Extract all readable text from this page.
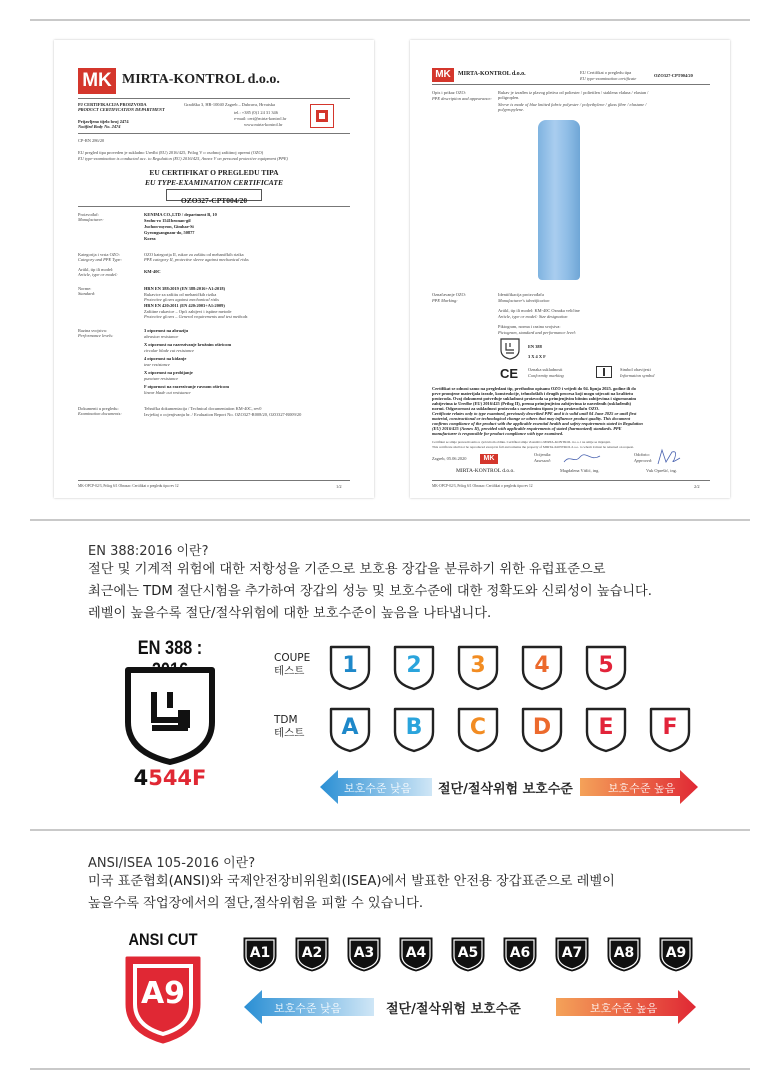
MK MIRTA-KONTROL d.o.o.
PJ CERTIFIKACIJA PROIZVODA
PRODUCT CERTIFICATION DEPARTMENT
Prijavljeno tijelo broj 2474
Notified Body No. 2474
Gradiška 3, HR-10040 Zagreb – Dubrava, Hrvatska
tel.: +385 (0)1 24 31 346
e-mail: cert@mirta-kontrol.hr
www.mirta-kontrol.hr
CP-RN 286/20
EU pregled tipa proveden je sukladno Uredbi (EU) 2016/425, Prilog V o osobnoj zaštitnoj opremi (OZO)
EU type-examination is conducted acc. to Regulation (EU) 2016/425, Annex V on personal protective equipment (PPE)
EU CERTIFIKAT O PREGLEDU TIPA
EU TYPE-EXAMINATION CERTIFICATE
OZO327-CPT004/20
Proizvođač:
Manufacturer:
KENIMA CO.,LTD / department B, 10
Seohu-ro 1541beonan-gil
Juchon-myeon, Gimhae-Si
Gyeongsangnam-do, 50877
Korea
Kategorija i vrsta OZO:
Category and PPE Type:
OZO kategorija II, rukav za zaštitu od mehaničkih rizika
PPE category II, protective sleeve against mechanical risks
Artikl, tip ili model:
Article, type or model:
KM-40C
Norme:
Standard:
HRN EN 388:2019 (EN 388:2016+A1:2018)
Rukavice za zaštitu od mehaničkih rizika
Protective gloves against mechanical risks
HRN EN 420:2011 (EN 420:2003+A1:2009)
Zaštitne rukavice – Opći zahtjevi i ispitne metode
Protective gloves – General requirements and test methods
Razina svojstva:
Performance levels:
3 otpornost na abraziju
abrasion resistance
X otpornost na razrezivanje kružnim oštricom
circular blade cut resistance
4 otpornost na kidanje
tear resistance
X otpornost na probijanje
puncture resistance
F otpornost na razrezivanje ravnom oštricom
linear blade cut resistance
Dokumenti u pregledu:
Examination documents:
Tehnička dokumentacija / Technical documentation KM-40C, rev0
Izvještaj o ocjenjivanju br. / Evaluation Report No. OZO327-R008/20, OZO327-R009/20
MK-OPCP-02/3, Prilog 6/1 Obrazac: Certifikat o pregledu tipa rev 12	1/2
MK	MIRTA-KONTROL d.o.o.	EU Certifikat o pregledu tipa
EU type-examination certificate
OZO327-CPT004/20
Opis i prikaz OZO:
PPE description and appearance:
Rukav je izrađen iz plavog pletiva od poliester / polietilen / staklena vlakna / elastan /
poligroplen.
Sleeve is made of blue knitted fabric polyester / polyethylene / glass fibre / elastane /
polypropylene.
Označavanje OZO:
PPE Marking:
Identifikacija proizvođača
Manufacturer's identification
Artikl, tip ili model: KM-40C Oznaka veličine
Article, type or model: Size designation
Piktogram, norma i razina svojstva:
Pictogram, standard and performance level:
EN 388
3 X 4 X F
CE Oznaka sukladnosti
Conformity marking
Simbol obavijesti
Information symbol
Certifikat se odnosi samo na pregledani tip, prethodno opisanu OZO i vrijedi do 04. lipnja 2025. godine ili do
prve promjene materijala izrade, konstrukcije, tehnoloških i drugih procesa koji mogu utjecati na kvalitetu
proizvoda. Ovaj dokument potvrđuje sukladnost proizvoda sa primjenjivim bitnim zahtjevima i sigurnosnim
zahtjevima iz Uredbe (EU) 2016/425 (Prilog II), prema primjenjivim zahtjevima iz navedenih (usklađenih)
normi. Odgovornost za sukladnost proizvoda s navedenim tipom je na proizvođaču OZO.
Certificate relates only to type examined, previously described PPE and it is valid until 04 June 2025 or until first
material, constructional or technological change or others that may influence product quality. This document
confirms compliance of the product with the applicable essential health and safety requirements stated in Regulation
(EU) 2016/425 (Annex II), provided with applicable requirements of stated (harmonized) standards. PPE
manufacturer is responsible for product compliance with type examined.
Certifikat se smije prenositi samo u cjelovitom obliku. Certifikat smije vlasništvo MIRTA-KONTROL d.o.o. i ne smije se mijenjati.
This certificate shall not be reproduced except in full and remains the property of MIRTA-KONTROL d.o.o. to whom it must be returned on request.
Zagreb, 05.06.2020
Ocijenila:
Assessed:
Magdalena Vášić, ing.
Odobrio:
Approved:
Vuk Oprešić, ing.
MK
MIRTA-KONTROL d.o.o.
MK-OPCP-02/3, Prilog 6/1 Obrazac: Certifikat o pregledu tipa rev 12	2/2
EN 388:2016 이란?
절단 및 기계적 위험에 대한 저항성을 기준으로 보호용 장갑을 분류하기 위한 유럽표준으로
최근에는 TDM 절단시험을 추가하여 장갑의 성능 및 보호수준에 대한 정확도와 신뢰성이 높습니다.
레벨이 높을수록 절단/절삭위험에 대한 보호수준이 높음을 나타냅니다.
EN 388 :
4544F
COUPE
테스트	1	2	3	4	5
TDM
테스트	A	B	C	D	E	F
보호수준 낮음 절단/절삭위험 보호수준	보호수준 높음
ANSI/ISEA 105-2016 이란?
미국 표준협회(ANSI)와 국제안전장비위원회(ISEA)에서 발표한 안전용 장갑표준으로 레벨이
높을수록 작업장에서의 절단,절삭위험을 피할 수 있습니다.
ANSI CUT
A9
A1	A2	A3	A4	A5	A6	A7	A8	A9
보호수준 낮음	절단/절삭위험 보호수준	보호수준 높음
